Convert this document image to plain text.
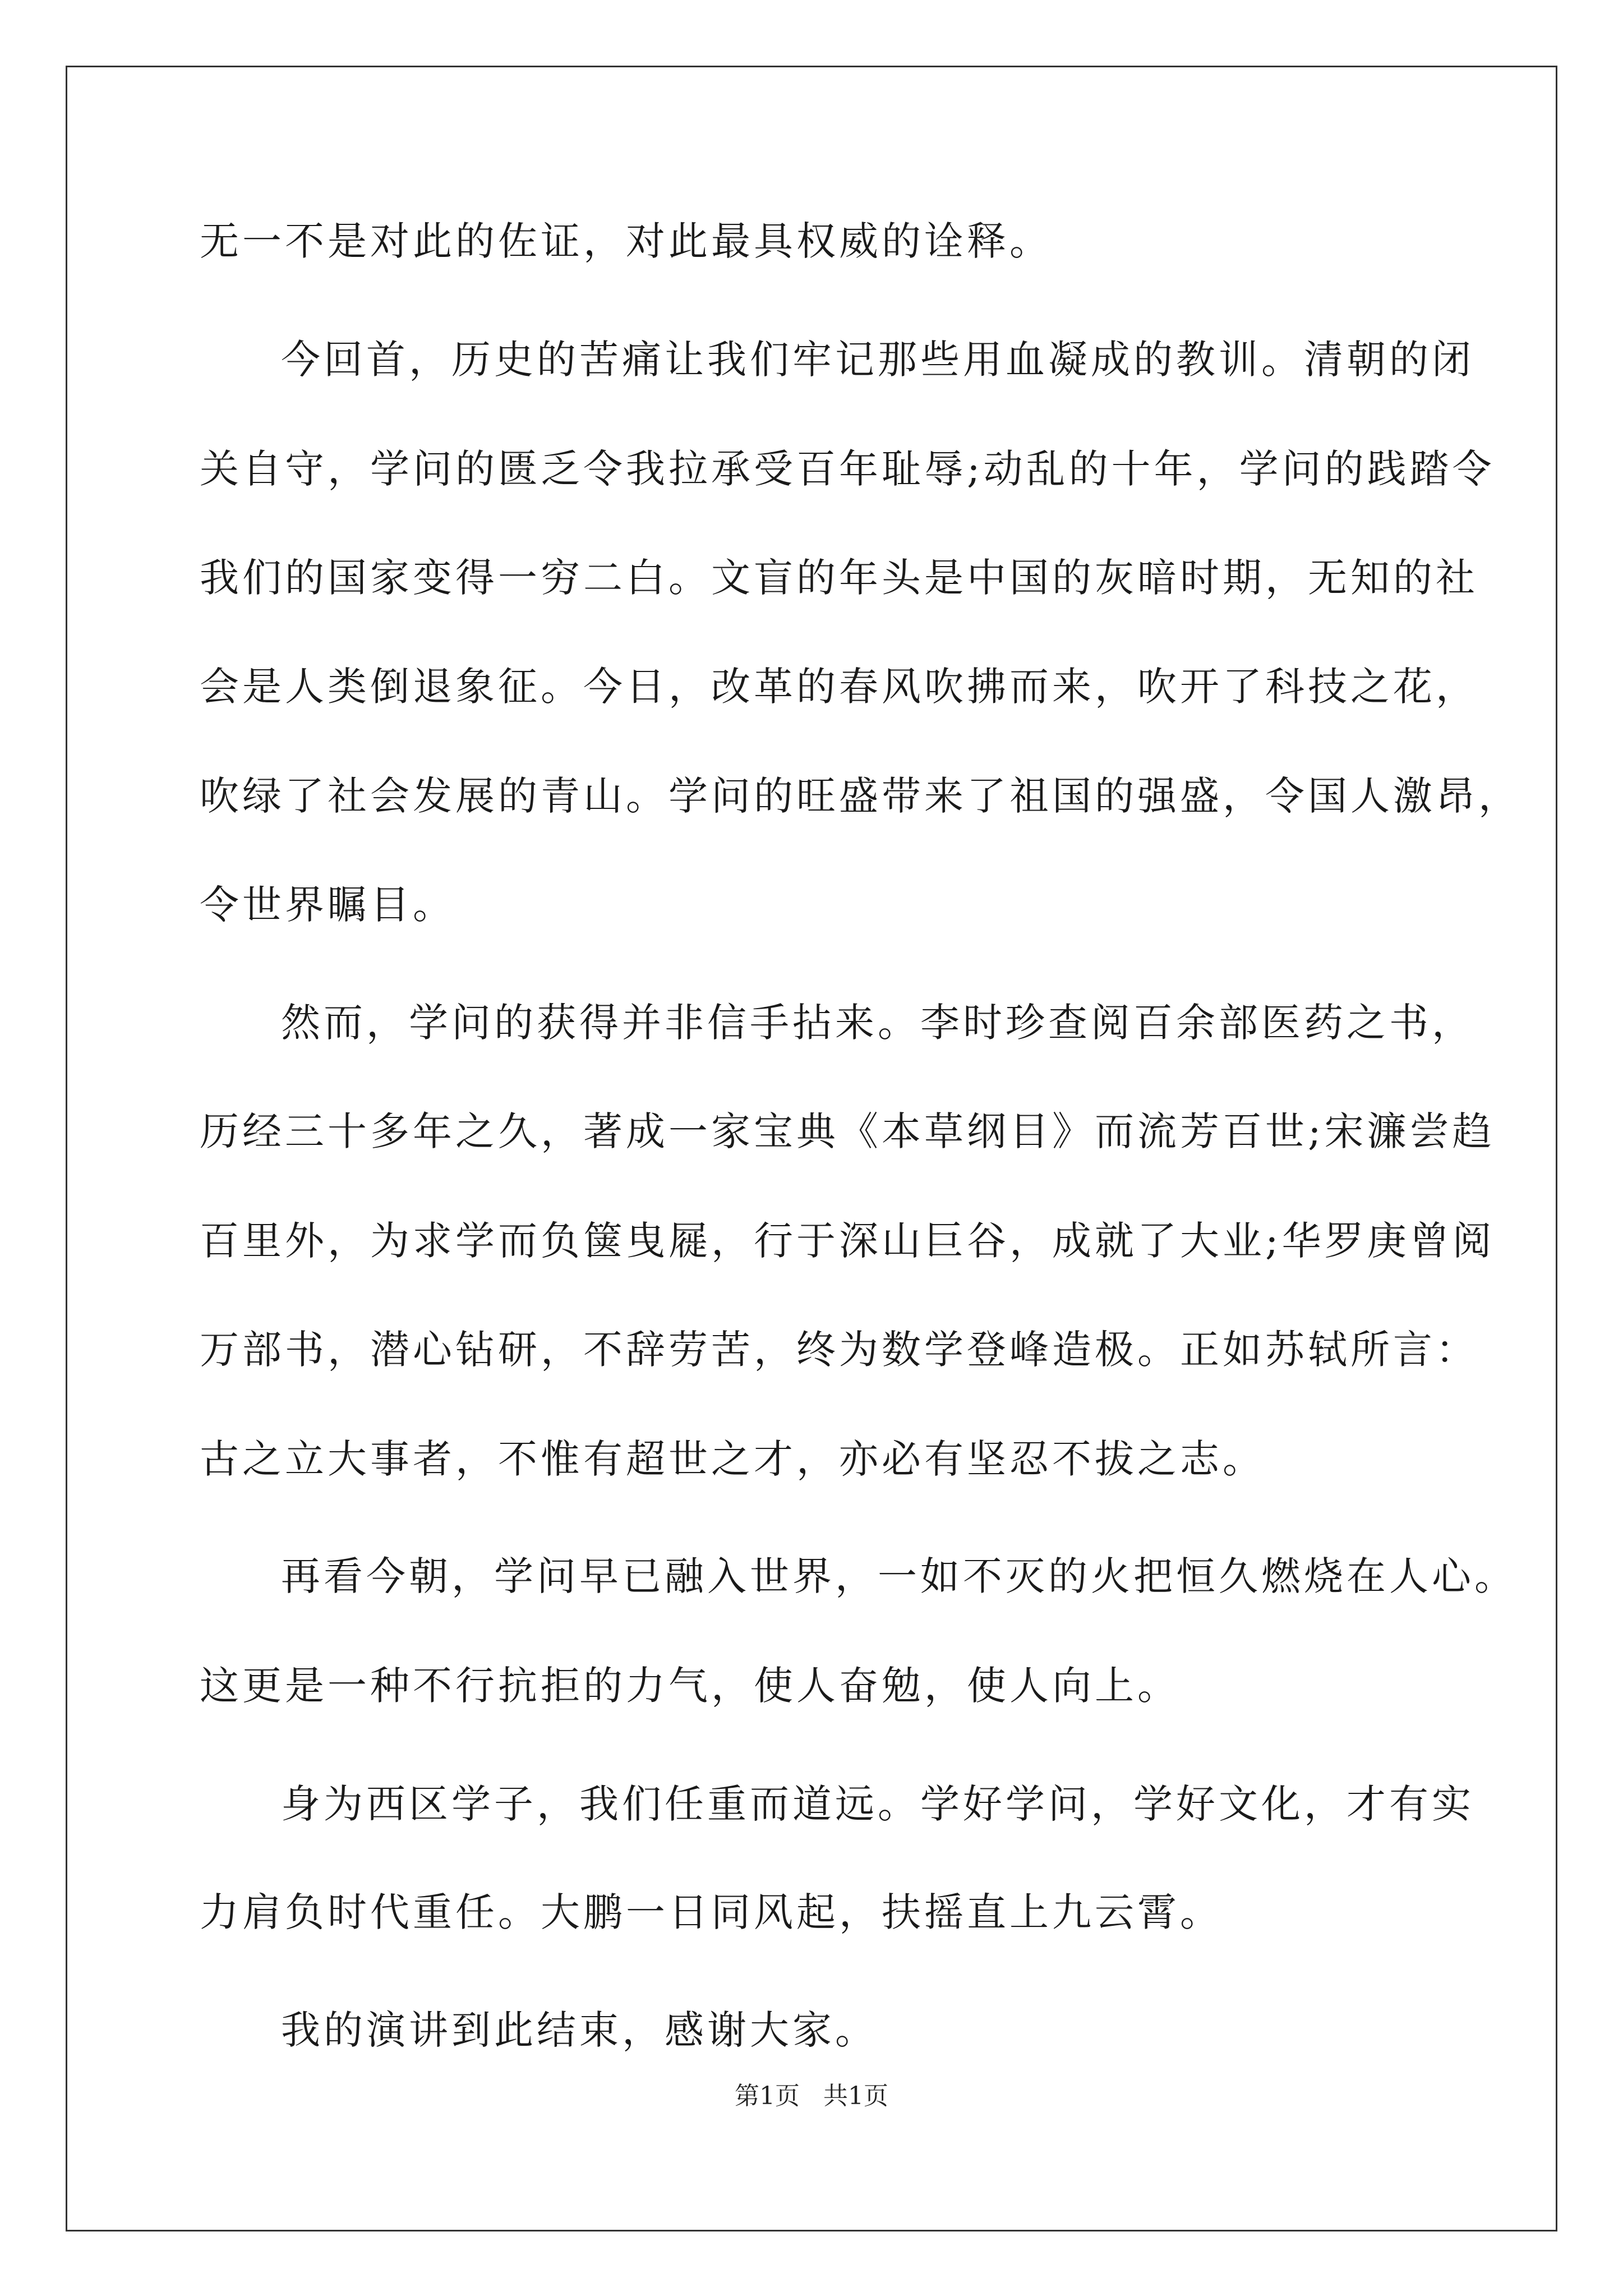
无一不是对此的佐证，对此最具权威的诠释。
今回首，历史的苦痛让我们牢记那些用血凝成的教训。清朝的闭
关自守，学问的匮乏令我拉承受百年耻辱;动乱的十年，学问的践踏令
我们的国家变得一穷二白。文盲的年头是中国的灰暗时期，无知的社
会是人类倒退象征。今日，改革的春风吹拂而来，吹开了科技之花，
吹绿了社会发展的青山。学问的旺盛带来了祖国的强盛，令国人激昂，
令世界瞩目。
然而，学问的获得并非信手拈来。李时珍查阅百余部医药之书，
历经三十多年之久，著成一家宝典《本草纲目》而流芳百世;宋濂尝趋
百里外，为求学而负箧曳屣，行于深山巨谷，成就了大业;华罗庚曾阅
万部书，潜心钻研，不辞劳苦，终为数学登峰造极。正如苏轼所言：
古之立大事者，不惟有超世之才，亦必有坚忍不拔之志。
再看今朝，学问早已融入世界，一如不灭的火把恒久燃烧在人心。
这更是一种不行抗拒的力气，使人奋勉，使人向上。
身为西区学子，我们任重而道远。学好学问，学好文化，才有实
力肩负时代重任。大鹏一日同风起，扶摇直上九云霄。
我的演讲到此结束，感谢大家。
第1页   共1页
